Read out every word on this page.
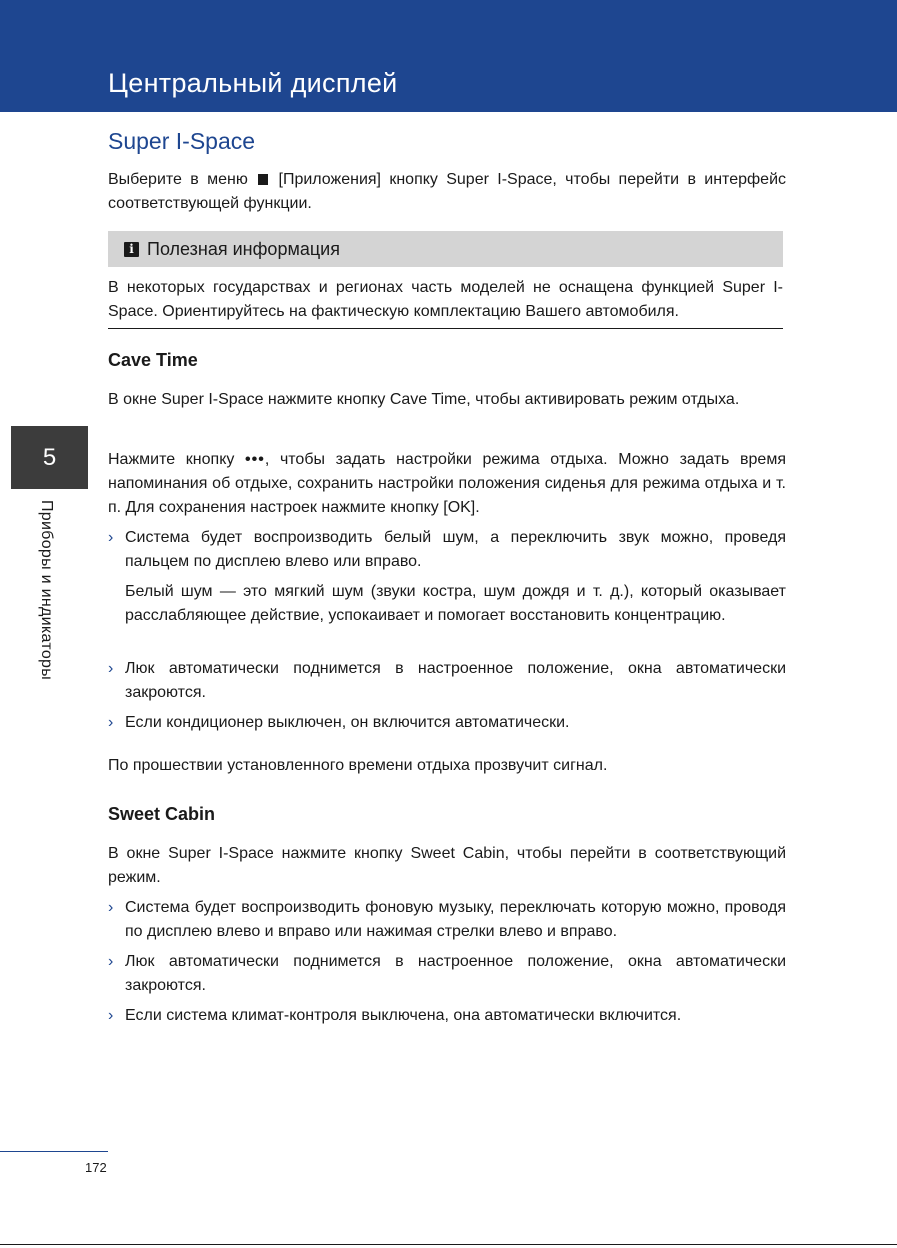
Центральный дисплей
5
Приборы и индикаторы
Super I-Space
Выберите в меню  [Приложения] кнопку Super I-Space, чтобы перейти в интерфейс соответствующей функции.
i Полезная информация
В некоторых государствах и регионах часть моделей не оснащена функцией Super I-Space. Ориентируйтесь на фактическую комплектацию Вашего автомобиля.
Cave Time
В окне Super I-Space нажмите кнопку Cave Time, чтобы активировать режим отдыха.
Нажмите кнопку •••, чтобы задать настройки режима отдыха. Можно задать время напоминания об отдыхе, сохранить настройки положения сиденья для режима отдыха и т. п. Для сохранения настроек нажмите кнопку [OK].
› Система будет воспроизводить белый шум, а переключить звук можно, проведя пальцем по дисплею влево или вправо.
Белый шум — это мягкий шум (звуки костра, шум дождя и т. д.), который оказывает расслабляющее действие, успокаивает и помогает восстановить концентрацию.
› Люк автоматически поднимется в настроенное положение, окна автоматически закроются.
› Если кондиционер выключен, он включится автоматически.
По прошествии установленного времени отдыха прозвучит сигнал.
Sweet Cabin
В окне Super I-Space нажмите кнопку Sweet Cabin, чтобы перейти в соответствующий режим.
› Система будет воспроизводить фоновую музыку, переключать которую можно, проводя по дисплею влево и вправо или нажимая стрелки влево и вправо.
› Люк автоматически поднимется в настроенное положение, окна автоматически закроются.
› Если система климат-контроля выключена, она автоматически включится.
172
